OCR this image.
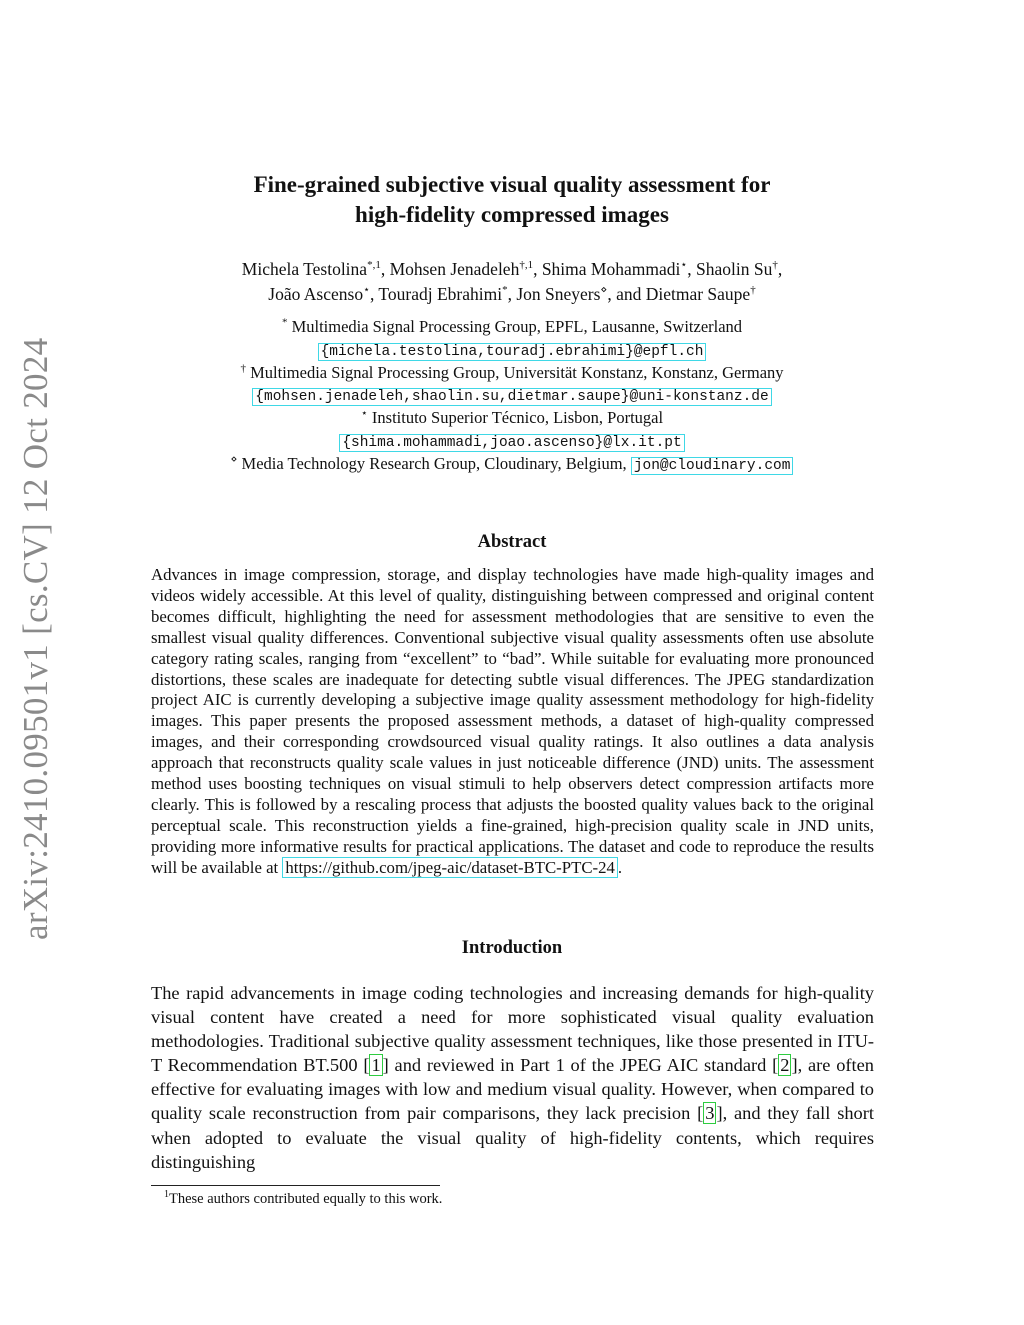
arXiv:2410.09501v1 [cs.CV] 12 Oct 2024
Fine-grained subjective visual quality assessment for
high-fidelity compressed images
Michela Testolina$^{*,1}$, Mohsen Jenadeleh$^{\dagger,1}$, Shima Mohammadi⋆, Shaolin Su†,
João Ascenso⋆, Touradj Ebrahimi*, Jon Sneyers⋄, and Dietmar Saupe†
* Multimedia Signal Processing Group, EPFL, Lausanne, Switzerland
{michela.testolina,touradj.ebrahimi}@epfl.ch
† Multimedia Signal Processing Group, Universität Konstanz, Konstanz, Germany
{mohsen.jenadeleh,shaolin.su,dietmar.saupe}@uni-konstanz.de
⋆ Instituto Superior Técnico, Lisbon, Portugal
{shima.mohammadi,joao.ascenso}@lx.it.pt
⋄ Media Technology Research Group, Cloudinary, Belgium, jon@cloudinary.com
Abstract

Advances in image compression, storage, and display technologies have made high-quality images and videos widely accessible. At this level of quality, distinguishing between compressed and original content becomes difficult, highlighting the need for assessment methodologies that are sensitive to even the smallest visual quality differences. Conventional subjective visual quality assessments often use absolute category rating scales, ranging from “excellent” to “bad”. While suitable for evaluating more pronounced distortions, these scales are inadequate for detecting subtle visual differences. The JPEG standardization project AIC is currently developing a subjective image quality assessment methodology for high-fidelity images. This paper presents the proposed assessment methods, a dataset of high-quality compressed images, and their corresponding crowdsourced visual quality ratings. It also outlines a data analysis approach that reconstructs quality scale values in just noticeable difference (JND) units. The assessment method uses boosting techniques on visual stimuli to help observers detect compression artifacts more clearly. This is followed by a rescaling process that adjusts the boosted quality values back to the original perceptual scale. This reconstruction yields a fine-grained, high-precision quality scale in JND units, providing more informative results for practical applications. The dataset and code to reproduce the results will be available at https://github.com/jpeg-aic/dataset-BTC-PTC-24 .

Introduction

The rapid advancements in image coding technologies and increasing demands for high-quality visual content have created a need for more sophisticated visual quality evaluation methodologies. Traditional subjective quality assessment techniques, like those presented in ITU-T Recommendation BT.500 [ 1 ] and reviewed in Part 1 of the JPEG AIC standard [ 2 ], are often effective for evaluating images with low and medium visual quality. However, when compared to quality scale reconstruction from pair comparisons, they lack precision [ 3 ], and they fall short when adopted to evaluate the visual quality of high-fidelity contents, which requires distinguishing

$^1$These authors contributed equally to this work.
